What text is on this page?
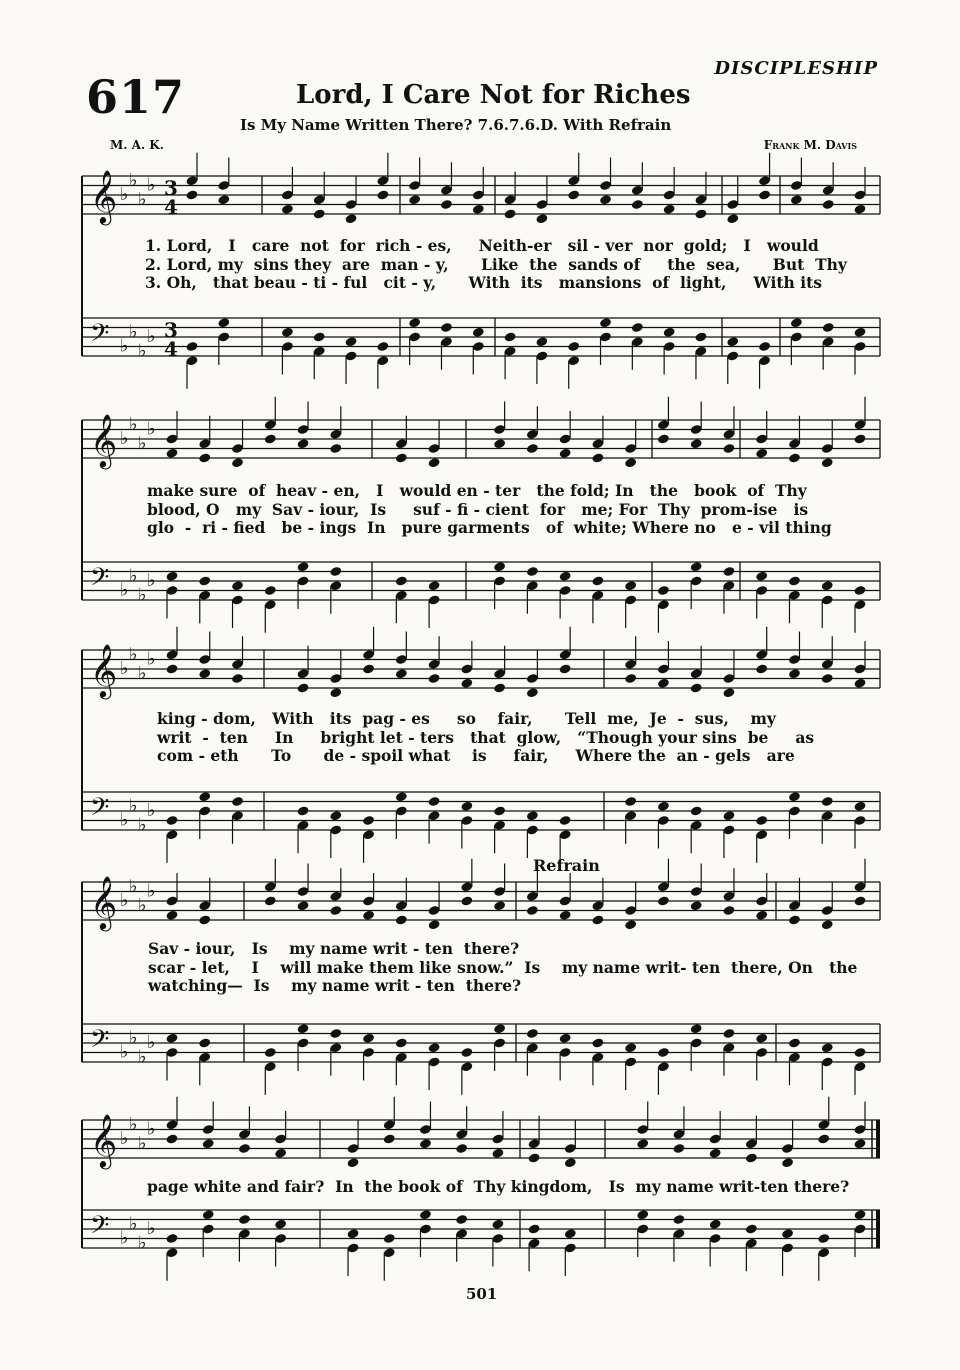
617
DISCIPLESHIP
Lord, I Care Not for Riches
Is My Name Written There? 7.6.7.6.D. With Refrain
M. A. K.	Frank M. Davis
Refrain
𝄞 ♭
♭
♭
♭ 3
4
𝄢 ♭
♭
♭
♭ 3
4
𝄞 ♭
♭
♭
♭
𝄢 ♭
♭
♭
♭
𝄞 ♭
♭
♭
♭
𝄢 ♭
♭
♭
♭
𝄞 ♭
♭
♭
♭
𝄢 ♭
♭
♭
♭
𝄞 ♭
♭
♭
♭
𝄢 ♭
♭
♭
♭
1. Lord,   I   care  not  for  rich - es,     Neith-er   sil - ver  nor  gold;   I   would
2. Lord, my  sins they  are  man - y,      Like  the  sands of     the  sea,      But  Thy
3. Oh,   that beau - ti - ful   cit - y,      With  its   mansions  of  light,     With its
make sure  of  heav - en,   I   would en - ter   the fold; In   the   book  of  Thy
blood, O   my  Sav - iour,  Is     suf - fi - cient  for   me; For  Thy  prom-ise   is
glo  -  ri - fied   be - ings  In   pure garments   of  white; Where no   e - vil thing
king - dom,   With   its  pag - es     so    fair,      Tell  me,  Je  -  sus,    my
writ  -  ten     In     bright let - ters   that  glow,   “Though your sins  be     as
com - eth      To      de - spoil what    is     fair,     Where the  an - gels   are
Sav - iour,   Is    my name writ - ten  there?
scar - let,    I    will make them like snow.”  Is    my name writ- ten  there, On   the
watching—  Is    my name writ - ten  there?
page white and fair?  In  the book of  Thy kingdom,   Is  my name writ-ten there?
501
